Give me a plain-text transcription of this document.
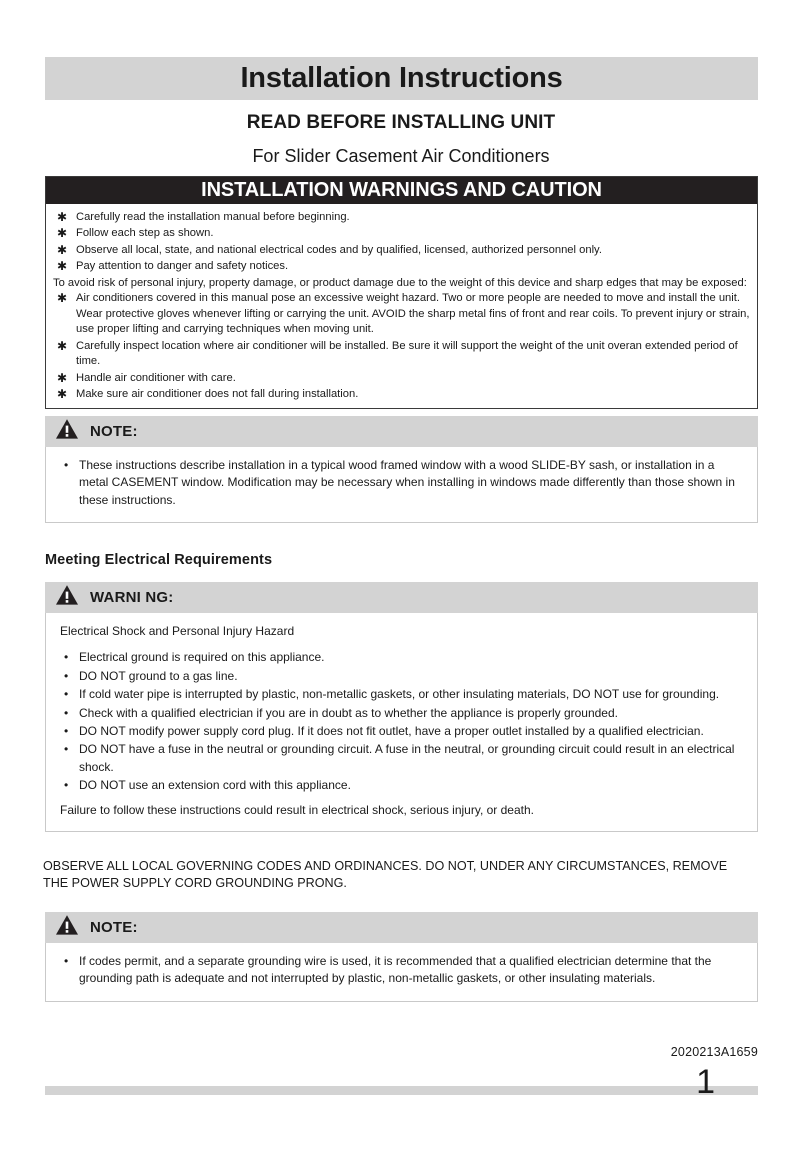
Installation Instructions
READ BEFORE INSTALLING UNIT
For Slider Casement Air Conditioners
INSTALLATION WARNINGS AND CAUTION
✱ Carefully read the installation manual before beginning.
✱ Follow each step as shown.
✱ Observe all local, state, and national electrical codes and by qualified, licensed, authorized personnel only.
✱ Pay attention to danger and safety notices.

To avoid risk of personal injury, property damage, or product damage due to the weight of this device and sharp edges that may be exposed:

✱ Air conditioners covered in this manual pose an excessive weight hazard. Two or more people are needed to move and install the unit. Wear protective gloves whenever lifting or carrying the unit. AVOID the sharp metal fins of front and rear coils. To prevent injury or strain, use proper lifting and carrying techniques when moving unit.
✱ Carefully inspect location where air conditioner will be installed. Be sure it will support the weight of the unit overan extended period of time.
✱ Handle air conditioner with care.
✱ Make sure air conditioner does not fall during installation.
NOTE:
• These instructions describe installation in a typical wood framed window with a wood SLIDE-BY sash, or installation in a metal CASEMENT window. Modification may be necessary when installing in windows made differently than those shown in these instructions.
Meeting Electrical Requirements
WARNI NG:

Electrical Shock and Personal Injury Hazard

• Electrical ground is required on this appliance.
• DO NOT ground to a gas line.
• If cold water pipe is interrupted by plastic, non-metallic gaskets, or other insulating materials, DO NOT use for grounding.
• Check with a qualified electrician if you are in doubt as to whether the appliance is properly grounded.
• DO NOT modify power supply cord plug. If it does not fit outlet, have a proper outlet installed by a qualified electrician.
• DO NOT have a fuse in the neutral or grounding circuit. A fuse in the neutral, or grounding circuit could result in an electrical shock.
• DO NOT use an extension cord with this appliance.

Failure to follow these instructions could result in electrical shock, serious injury, or death.

OBSERVE ALL LOCAL GOVERNING CODES AND ORDINANCES. DO NOT, UNDER ANY CIRCUMSTANCES, REMOVE THE POWER SUPPLY CORD GROUNDING PRONG.
NOTE:
• If codes permit, and a separate grounding wire is used, it is recommended that a qualified electrician determine that the grounding path is adequate and not interrupted by plastic, non-metallic gaskets, or other insulating materials.
2020213A1659
1
